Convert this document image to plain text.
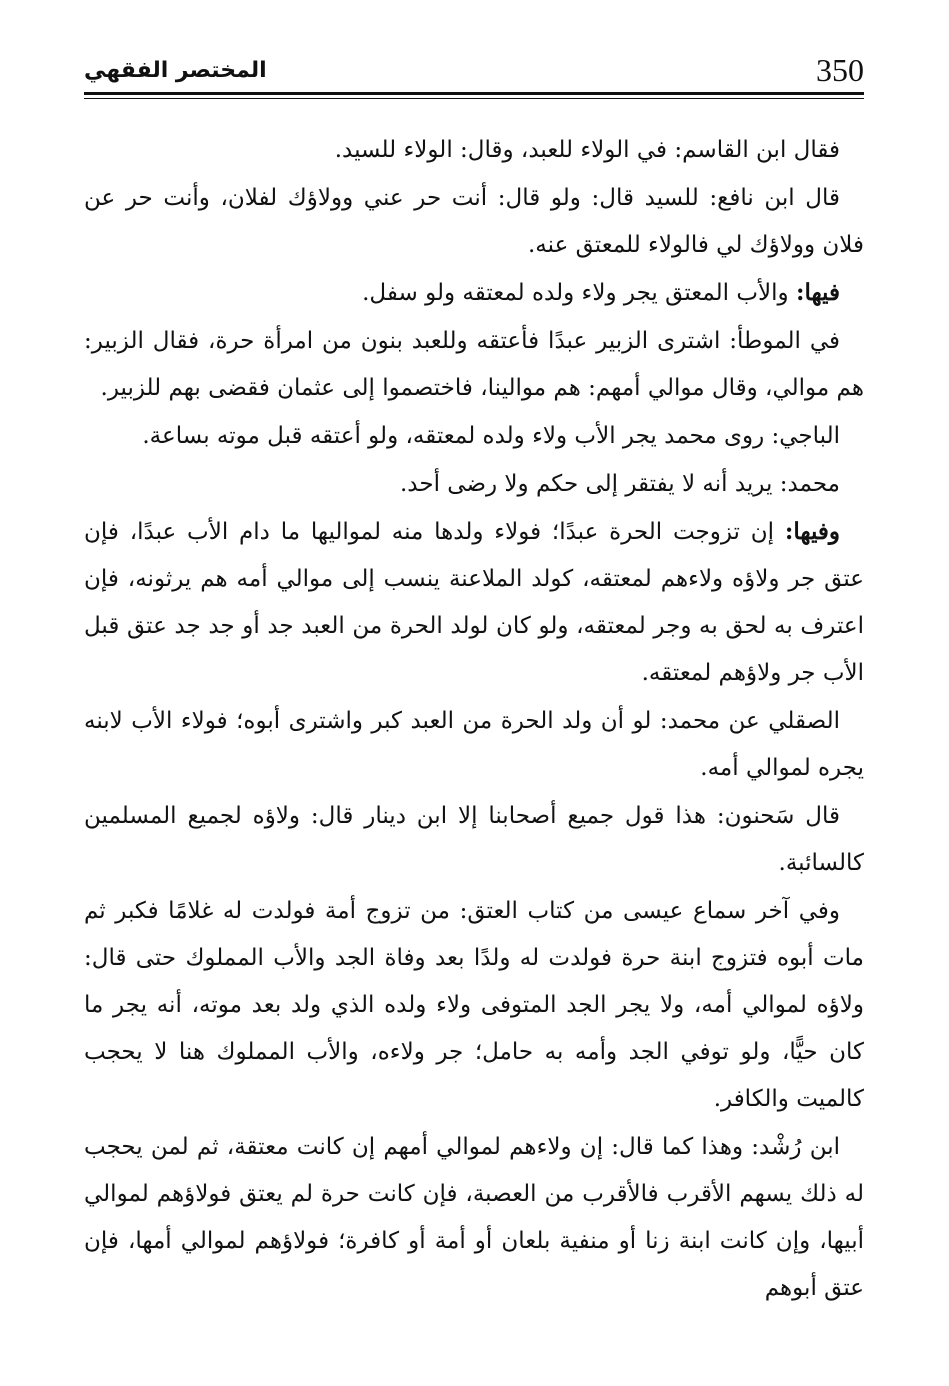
350
المختصر الفقهي

فقال ابن القاسم: في الولاء للعبد، وقال: الولاء للسيد.

قال ابن نافع: للسيد قال: ولو قال: أنت حر عني وولاؤك لفلان، وأنت حر عن فلان وولاؤك لي فالولاء للمعتق عنه.

فيها: والأب المعتق يجر ولاء ولده لمعتقه ولو سفل.

في الموطأ: اشترى الزبير عبدًا فأعتقه وللعبد بنون من امرأة حرة، فقال الزبير: هم موالي، وقال موالي أمهم: هم موالينا، فاختصموا إلى عثمان فقضى بهم للزبير.

الباجي: روى محمد يجر الأب ولاء ولده لمعتقه، ولو أعتقه قبل موته بساعة.

محمد: يريد أنه لا يفتقر إلى حكم ولا رضى أحد.

وفيها: إن تزوجت الحرة عبدًا؛ فولاء ولدها منه لمواليها ما دام الأب عبدًا، فإن عتق جر ولاؤه ولاءهم لمعتقه، كولد الملاعنة ينسب إلى موالي أمه هم يرثونه، فإن اعترف به لحق به وجر لمعتقه، ولو كان لولد الحرة من العبد جد أو جد جد عتق قبل الأب جر ولاؤهم لمعتقه.

الصقلي عن محمد: لو أن ولد الحرة من العبد كبر واشترى أبوه؛ فولاء الأب لابنه يجره لموالي أمه.

قال سَحنون: هذا قول جميع أصحابنا إلا ابن دينار قال: ولاؤه لجميع المسلمين كالسائبة.

وفي آخر سماع عيسى من كتاب العتق: من تزوج أمة فولدت له غلامًا فكبر ثم مات أبوه فتزوج ابنة حرة فولدت له ولدًا بعد وفاة الجد والأب المملوك حتى قال: ولاؤه لموالي أمه، ولا يجر الجد المتوفى ولاء ولده الذي ولد بعد موته، أنه يجر ما كان حيًّا، ولو توفي الجد وأمه به حامل؛ جر ولاءه، والأب المملوك هنا لا يحجب كالميت والكافر.

ابن رُشْد: وهذا كما قال: إن ولاءهم لموالي أمهم إن كانت معتقة، ثم لمن يحجب له ذلك يسهم الأقرب فالأقرب من العصبة، فإن كانت حرة لم يعتق فولاؤهم لموالي أبيها، وإن كانت ابنة زنا أو منفية بلعان أو أمة أو كافرة؛ فولاؤهم لموالي أمها، فإن عتق أبوهم
